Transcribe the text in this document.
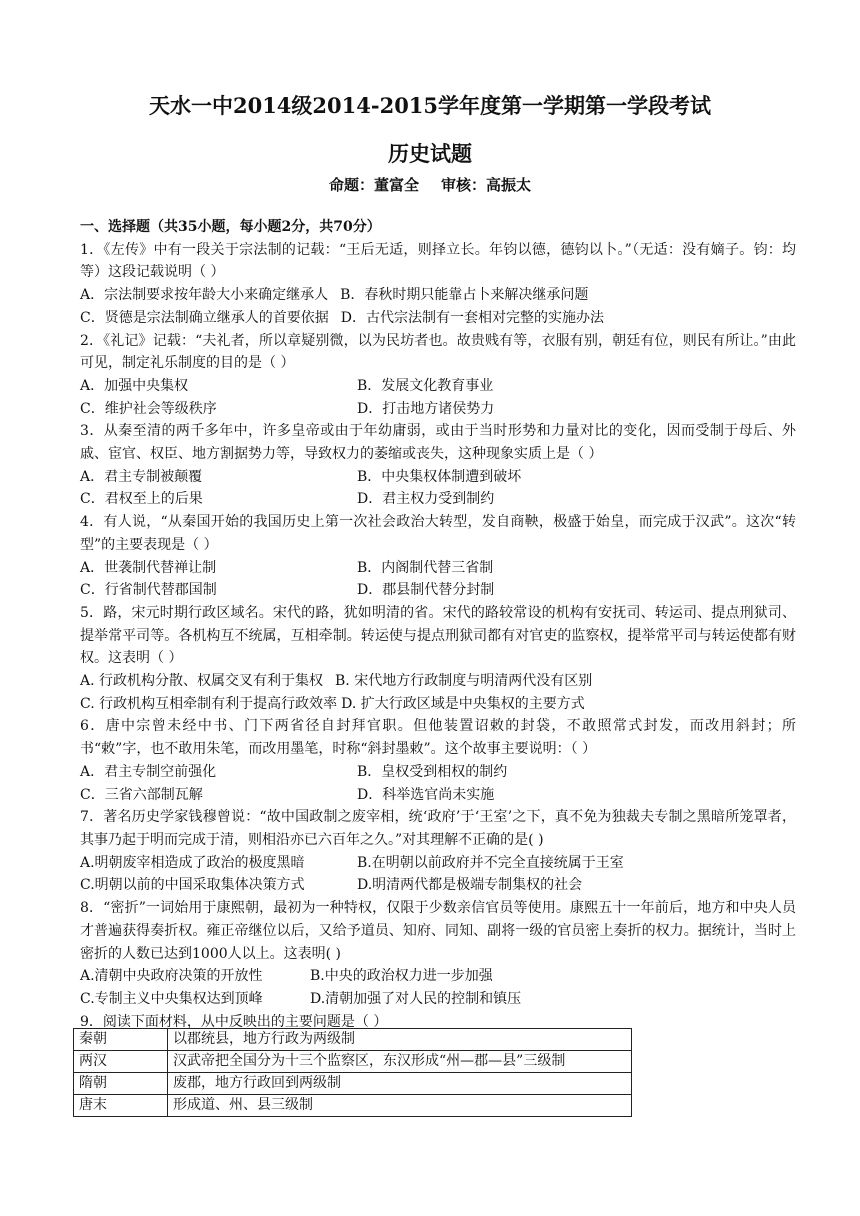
天水一中2014级2014-2015学年度第一学期第一学段考试
历史试题
命题：董富全 审核：高振太
一、选择题（共35小题，每小题2分，共70分）
1．《左传》中有一段关于宗法制的记载：“王后无适，则择立长。年钧以德，德钧以卜。”（无适：没有嫡子。钧：均等）这段记载说明（ ）
A．宗法制要求按年龄大小来确定继承人 B．春秋时期只能靠占卜来解决继承问题
C．贤德是宗法制确立继承人的首要依据 D．古代宗法制有一套相对完整的实施办法
2．《礼记》记载：“夫礼者，所以章疑别微，以为民坊者也。故贵贱有等，衣服有别，朝廷有位，则民有所让。”由此可见，制定礼乐制度的目的是（ ）
A．加强中央集权	B．发展文化教育事业
C．维护社会等级秩序	D．打击地方诸侯势力
3．从秦至清的两千多年中，许多皇帝或由于年幼庸弱，或由于当时形势和力量对比的变化，因而受制于母后、外戚、宦官、权臣、地方割据势力等，导致权力的萎缩或丧失，这种现象实质上是（ ）
A．君主专制被颠覆	B．中央集权体制遭到破坏
C．君权至上的后果	D．君主权力受到制约
4．有人说，“从秦国开始的我国历史上第一次社会政治大转型，发自商鞅，极盛于始皇，而完成于汉武”。这次“转型”的主要表现是（ ）
A．世袭制代替禅让制	B．内阁制代替三省制
C．行省制代替郡国制	D．郡县制代替分封制
5．路，宋元时期行政区域名。宋代的路，犹如明清的省。宋代的路较常设的机构有安抚司、转运司、提点刑狱司、提举常平司等。各机构互不统属，互相牵制。转运使与提点刑狱司都有对官吏的监察权，提举常平司与转运使都有财权。这表明（ ）
A. 行政机构分散、权属交叉有利于集权 B. 宋代地方行政制度与明清两代没有区别
C. 行政机构互相牵制有利于提高行政效率 D. 扩大行政区域是中央集权的主要方式
6．唐中宗曾未经中书、门下两省径自封拜官职。但他装置诏敕的封袋，不敢照常式封发，而改用斜封；所书“敕”字，也不敢用朱笔，而改用墨笔，时称“斜封墨敕”。这个故事主要说明：（ ）
A．君主专制空前强化	B．皇权受到相权的制约
C．三省六部制瓦解	D．科举选官尚未实施
7．著名历史学家钱穆曾说：“故中国政制之废宰相，统‘政府’于‘王室’之下，真不免为独裁夫专制之黑暗所笼罩者，其事乃起于明而完成于清，则相沿亦已六百年之久。”对其理解不正确的是( )
A.明朝废宰相造成了政治的极度黑暗	B.在明朝以前政府并不完全直接统属于王室
C.明朝以前的中国采取集体决策方式	D.明清两代都是极端专制集权的社会
8．“密折”一词始用于康熙朝，最初为一种特权，仅限于少数亲信官员等使用。康熙五十一年前后，地方和中央人员才普遍获得奏折权。雍正帝继位以后，又给予道员、知府、同知、副将一级的官员密上奏折的权力。据统计，当时上密折的人数已达到1000人以上。这表明( )
A.清朝中央政府决策的开放性	B.中央的政治权力进一步加强
C.专制主义中央集权达到顶峰	D.清朝加强了对人民的控制和镇压
9．阅读下面材料，从中反映出的主要问题是（ ）
秦朝	以郡统县，地方行政为两级制
两汉	汉武帝把全国分为十三个监察区，东汉形成“州—郡—县”三级制
隋朝	废郡，地方行政回到两级制
唐末	形成道、州、县三级制
